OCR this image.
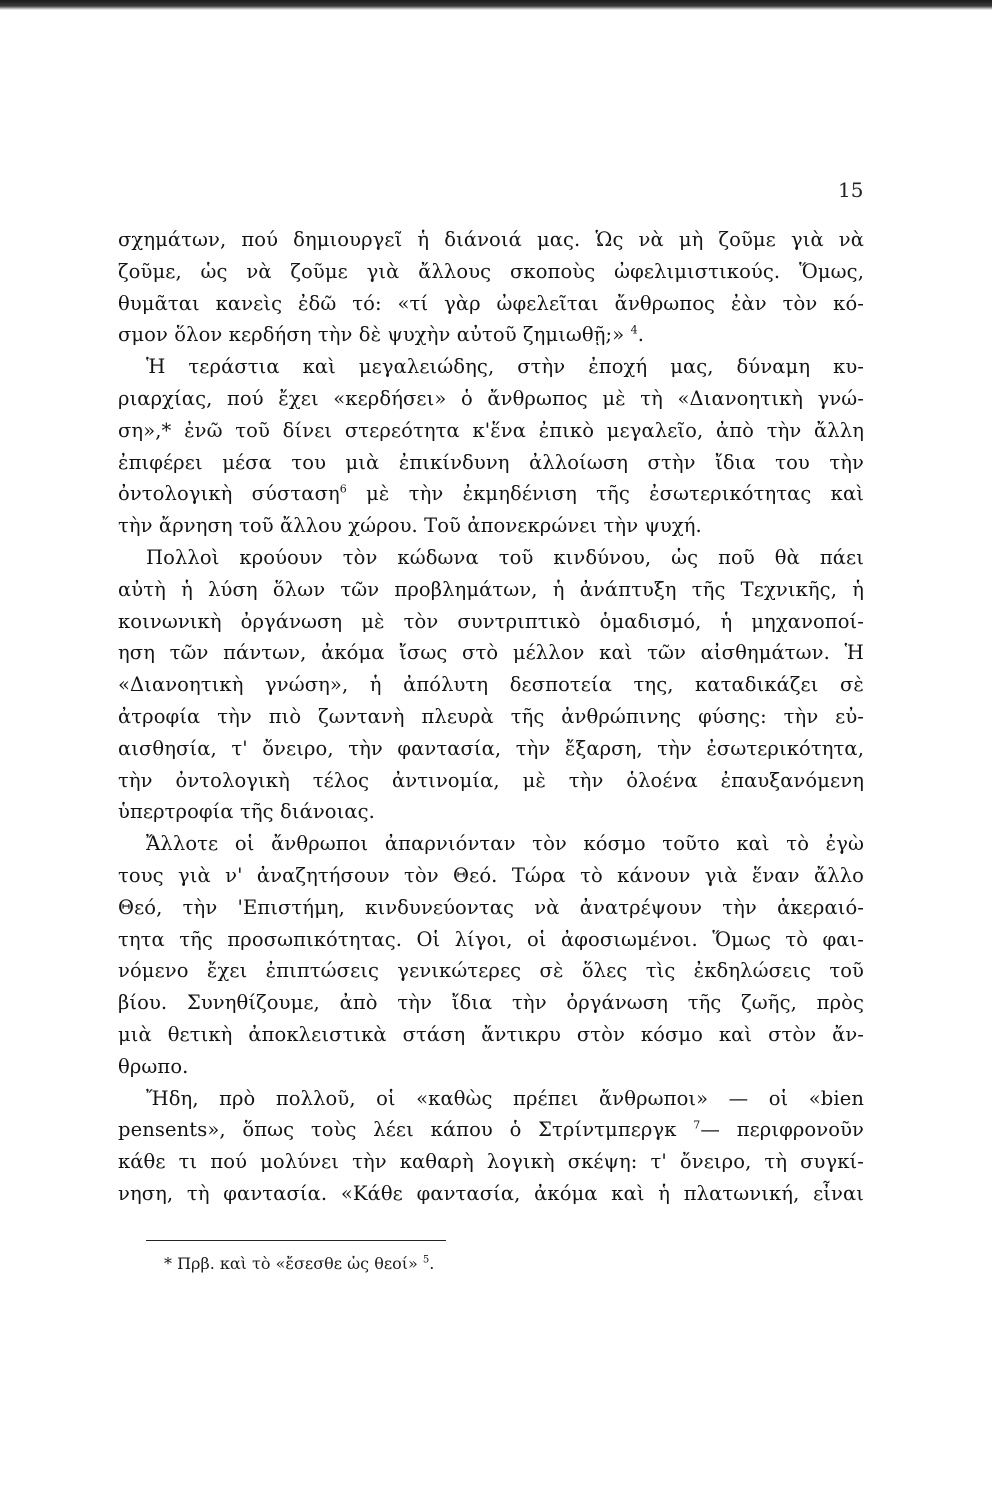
15
σχημάτων, πού δημιουργεῖ ἡ διάνοιά μας. Ὡς νὰ μὴ ζοῦμε γιὰ νὰ
ζοῦμε, ὡς νὰ ζοῦμε γιὰ ἄλλους σκοποὺς ὠφελιμιστικούς. Ὅμως,
θυμᾶται κανεὶς ἐδῶ τό: «τί γὰρ ὠφελεῖται ἄνθρωπος ἐὰν τὸν κό-
σμον ὅλον κερδήση τὴν δὲ ψυχὴν αὐτοῦ ζημιωθῇ;» $^4$.
Ἡ τεράστια καὶ μεγαλειώδης, στὴν ἐποχή μας, δύναμη κυ-
ριαρχίας, πού ἔχει «κερδήσει» ὁ ἄνθρωπος μὲ τὴ «Διανοητικὴ γνώ-
ση»,* ἐνῶ τοῦ δίνει στερεότητα κ'ἕνα ἐπικὸ μεγαλεῖο, ἀπὸ τὴν ἄλλη
ἐπιφέρει μέσα του μιὰ ἐπικίνδυνη ἀλλοίωση στὴν ἴδια του τὴν
ὀντολογικὴ σύσταση$^6$ μὲ τὴν ἐκμηδένιση τῆς ἐσωτερικότητας καὶ
τὴν ἄρνηση τοῦ ἄλλου χώρου. Τοῦ ἀπονεκρώνει τὴν ψυχή.
Πολλοὶ κρούουν τὸν κώδωνα τοῦ κινδύνου, ὡς ποῦ θὰ πάει
αὐτὴ ἡ λύση ὅλων τῶν προβλημάτων, ἡ ἀνάπτυξη τῆς Τεχνικῆς, ἡ
κοινωνικὴ ὀργάνωση μὲ τὸν συντριπτικὸ ὁμαδισμό, ἡ μηχανοποί-
ηση τῶν πάντων, ἀκόμα ἴσως στὸ μέλλον καὶ τῶν αἰσθημάτων. Ἡ
«Διανοητικὴ γνώση», ἡ ἀπόλυτη δεσποτεία της, καταδικάζει σὲ
ἀτροφία τὴν πιὸ ζωντανὴ πλευρὰ τῆς ἀνθρώπινης φύσης: τὴν εὐ-
αισθησία, τ' ὄνειρο, τὴν φαντασία, τὴν ἔξαρση, τὴν ἐσωτερικότητα,
τὴν ὀντολογικὴ τέλος ἀντινομία, μὲ τὴν ὁλοένα ἐπαυξανόμενη
ὑπερτροφία τῆς διάνοιας.
Ἄλλοτε οἱ ἄνθρωποι ἀπαρνιόνταν τὸν κόσμο τοῦτο καὶ τὸ ἐγὼ
τους γιὰ ν' ἀναζητήσουν τὸν Θεό. Τώρα τὸ κάνουν γιὰ ἕναν ἄλλο
Θεό, τὴν 'Επιστήμη, κινδυνεύοντας νὰ ἀνατρέψουν τὴν ἀκεραιό-
τητα τῆς προσωπικότητας. Οἱ λίγοι, οἱ ἀφοσιωμένοι. Ὅμως τὸ φαι-
νόμενο ἔχει ἐπιπτώσεις γενικώτερες σὲ ὅλες τὶς ἐκδηλώσεις τοῦ
βίου. Συνηθίζουμε, ἀπὸ τὴν ἴδια τὴν ὀργάνωση τῆς ζωῆς, πρὸς
μιὰ θετικὴ ἀποκλειστικὰ στάση ἄντικρυ στὸν κόσμο καὶ στὸν ἄν-
θρωπο.
Ἤδη, πρὸ πολλοῦ, οἱ «καθὼς πρέπει ἄνθρωποι» — οἱ «bien
pensents», ὅπως τοὺς λέει κάπου ὁ Στρίντμπεργκ $^7$— περιφρονοῦν
κάθε τι πού μολύνει τὴν καθαρὴ λογικὴ σκέψη: τ' ὄνειρο, τὴ συγκί-
νηση, τὴ φαντασία. «Κάθε φαντασία, ἀκόμα καὶ ἡ πλατωνική, εἶναι
* Πρβ. καὶ τὸ «ἔσεσθε ὡς θεοί» $^5$.
